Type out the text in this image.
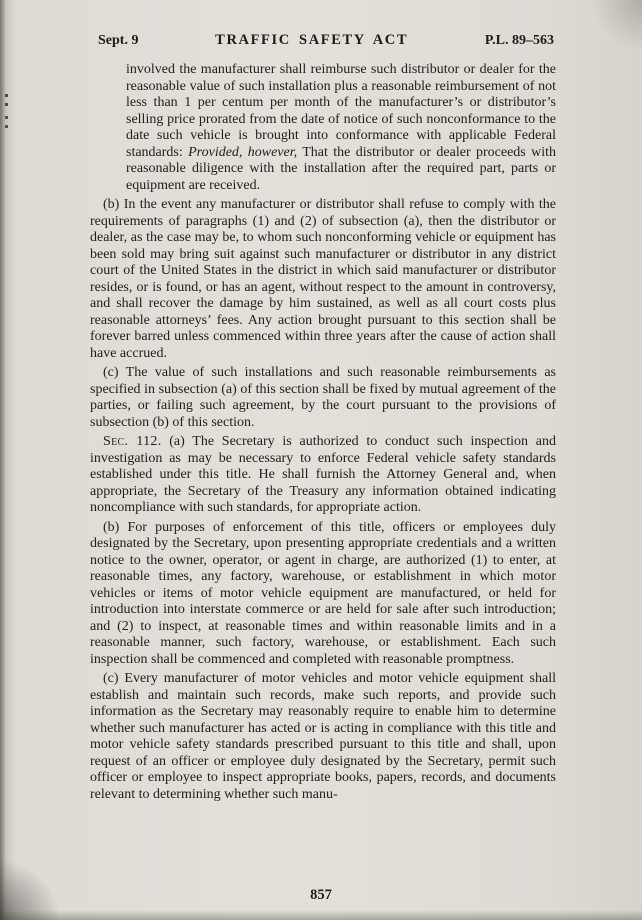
Sept. 9	TRAFFIC SAFETY ACT	P.L. 89–563

involved the manufacturer shall reimburse such distributor or dealer for the reasonable value of such installation plus a reasonable reimbursement of not less than 1 per centum per month of the manufacturer’s or distributor’s selling price prorated from the date of notice of such nonconformance to the date such vehicle is brought into conformance with applicable Federal standards: Provided, however, That the distributor or dealer proceeds with reasonable diligence with the installation after the required part, parts or equipment are received.

(b) In the event any manufacturer or distributor shall refuse to comply with the requirements of paragraphs (1) and (2) of subsection (a), then the distributor or dealer, as the case may be, to whom such nonconforming vehicle or equipment has been sold may bring suit against such manufacturer or distributor in any district court of the United States in the district in which said manufacturer or distributor resides, or is found, or has an agent, without respect to the amount in controversy, and shall recover the damage by him sustained, as well as all court costs plus reasonable attorneys’ fees. Any action brought pursuant to this section shall be forever barred unless commenced within three years after the cause of action shall have accrued.

(c) The value of such installations and such reasonable reimbursements as specified in subsection (a) of this section shall be fixed by mutual agreement of the parties, or failing such agreement, by the court pursuant to the provisions of subsection (b) of this section.

Sec. 112. (a) The Secretary is authorized to conduct such inspection and investigation as may be necessary to enforce Federal vehicle safety standards established under this title. He shall furnish the Attorney General and, when appropriate, the Secretary of the Treasury any information obtained indicating noncompliance with such standards, for appropriate action.

(b) For purposes of enforcement of this title, officers or employees duly designated by the Secretary, upon presenting appropriate credentials and a written notice to the owner, operator, or agent in charge, are authorized (1) to enter, at reasonable times, any factory, warehouse, or establishment in which motor vehicles or items of motor vehicle equipment are manufactured, or held for introduction into interstate commerce or are held for sale after such introduction; and (2) to inspect, at reasonable times and within reasonable limits and in a reasonable manner, such factory, warehouse, or establishment. Each such inspection shall be commenced and completed with reasonable promptness.

(c) Every manufacturer of motor vehicles and motor vehicle equipment shall establish and maintain such records, make such reports, and provide such information as the Secretary may reasonably require to enable him to determine whether such manufacturer has acted or is acting in compliance with this title and motor vehicle safety standards prescribed pursuant to this title and shall, upon request of an officer or employee duly designated by the Secretary, permit such officer or employee to inspect appropriate books, papers, records, and documents relevant to determining whether such manu-

857
